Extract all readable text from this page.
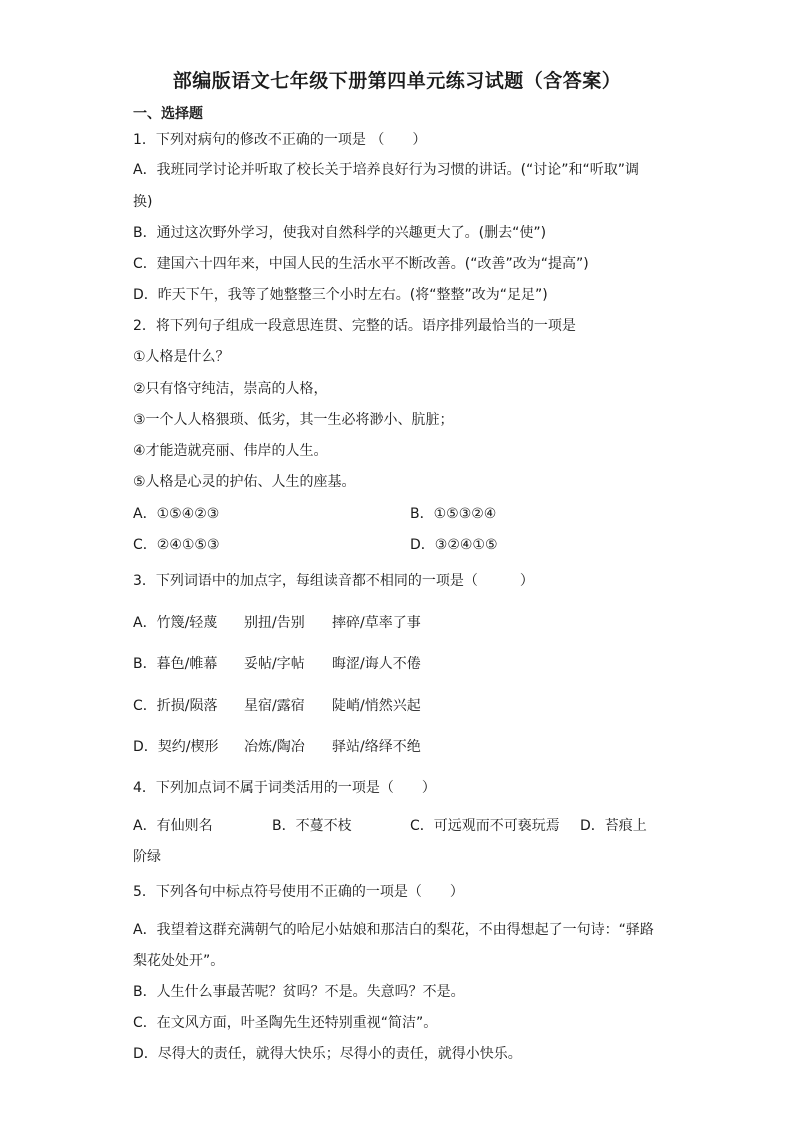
部编版语文七年级下册第四单元练习试题（含答案）
一、选择题
1．下列对病句的修改不正确的一项是 （　　）
A．我班同学讨论并听取了校长关于培养良好行为习惯的讲话。(“讨论”和“听取”调
换)
B．通过这次野外学习，使我对自然科学的兴趣更大了。(删去“使”)
C．建国六十四年来，中国人民的生活水平不断改善。(“改善”改为“提高”)
D．昨天下午，我等了她整整三个小时左右。(将“整整”改为“足足”)
2．将下列句子组成一段意思连贯、完整的话。语序排列最恰当的一项是
①人格是什么？
②只有恪守纯洁，崇高的人格，
③一个人人格猥琐、低劣，其一生必将渺小、肮脏；
④才能造就亮丽、伟岸的人生。
⑤人格是心灵的护佑、人生的座基。
A．①⑤④②③	B．①⑤③②④
C．②④①⑤③	D．③②④①⑤
3．下列词语中的加点字，每组读音都不相同的一项是（　　　）
A．竹篾/轻蔑 别扭/告别 摔碎/草率了事
B．暮色/帷幕 妥帖/字帖 晦涩/诲人不倦
C．折损/陨落 星宿/露宿 陡峭/悄然兴起
D．契约/楔形 冶炼/陶冶 驿站/络绎不绝
4．下列加点词不属于词类活用的一项是（　　）
A．有仙则名	B．不蔓不枝	C．可远观而不可亵玩焉 D．苔痕上
阶绿
5．下列各句中标点符号使用不正确的一项是（　　）
A．我望着这群充满朝气的哈尼小姑娘和那洁白的梨花，不由得想起了一句诗：“驿路
梨花处处开”。
B．人生什么事最苦呢？贫吗？不是。失意吗？不是。
C．在文风方面，叶圣陶先生还特别重视“简洁”。
D．尽得大的责任，就得大快乐；尽得小的责任，就得小快乐。
